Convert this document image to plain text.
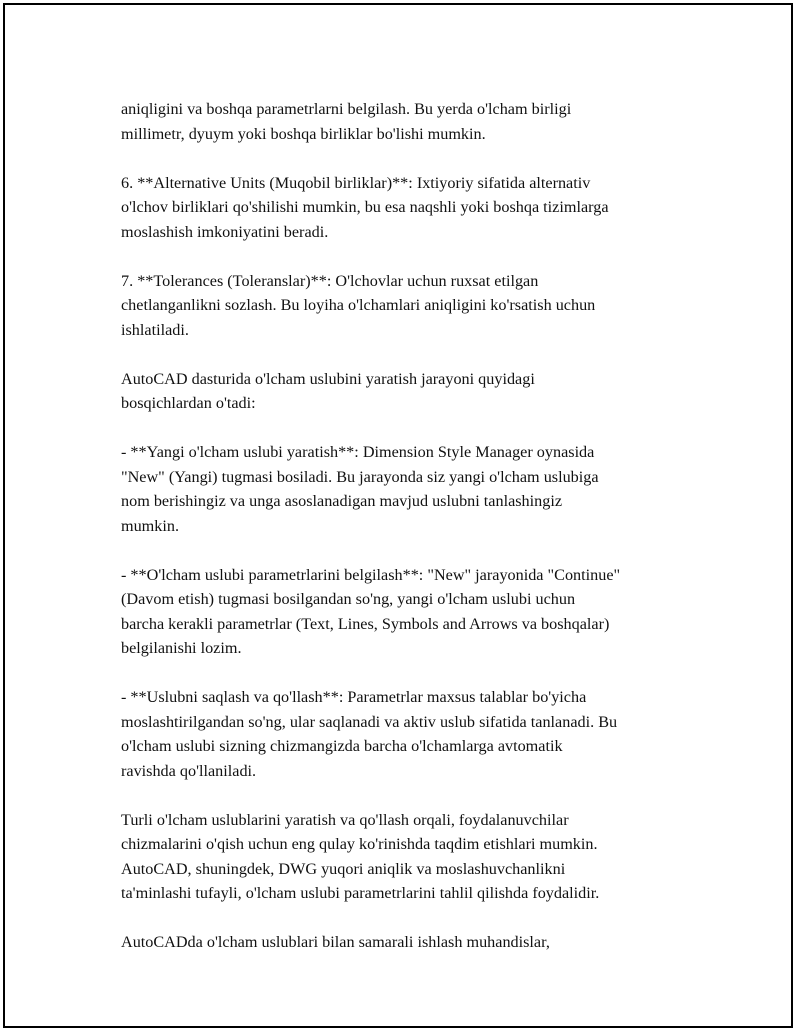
aniqligini va boshqa parametrlarni belgilash. Bu yerda o'lcham birligi
millimetr, dyuym yoki boshqa birliklar bo'lishi mumkin.

6. **Alternative Units (Muqobil birliklar)**: Ixtiyoriy sifatida alternativ
o'lchov birliklari qo'shilishi mumkin, bu esa naqshli yoki boshqa tizimlarga
moslashish imkoniyatini beradi.

7. **Tolerances (Toleranslar)**: O'lchovlar uchun ruxsat etilgan
chetlanganlikni sozlash. Bu loyiha o'lchamlari aniqligini ko'rsatish uchun
ishlatiladi.

AutoCAD dasturida o'lcham uslubini yaratish jarayoni quyidagi
bosqichlardan o'tadi:

- **Yangi o'lcham uslubi yaratish**: Dimension Style Manager oynasida
"New" (Yangi) tugmasi bosiladi. Bu jarayonda siz yangi o'lcham uslubiga
nom berishingiz va unga asoslanadigan mavjud uslubni tanlashingiz
mumkin.

- **O'lcham uslubi parametrlarini belgilash**: "New" jarayonida "Continue"
(Davom etish) tugmasi bosilgandan so'ng, yangi o'lcham uslubi uchun
barcha kerakli parametrlar (Text, Lines, Symbols and Arrows va boshqalar)
belgilanishi lozim.

- **Uslubni saqlash va qo'llash**: Parametrlar maxsus talablar bo'yicha
moslashtirilgandan so'ng, ular saqlanadi va aktiv uslub sifatida tanlanadi. Bu
o'lcham uslubi sizning chizmangizda barcha o'lchamlarga avtomatik
ravishda qo'llaniladi.

Turli o'lcham uslublarini yaratish va qo'llash orqali, foydalanuvchilar
chizmalarini o'qish uchun eng qulay ko'rinishda taqdim etishlari mumkin.
AutoCAD, shuningdek, DWG yuqori aniqlik va moslashuvchanlikni
ta'minlashi tufayli, o'lcham uslubi parametrlarini tahlil qilishda foydalidir.

AutoCADda o'lcham uslublari bilan samarali ishlash muhandislar,
